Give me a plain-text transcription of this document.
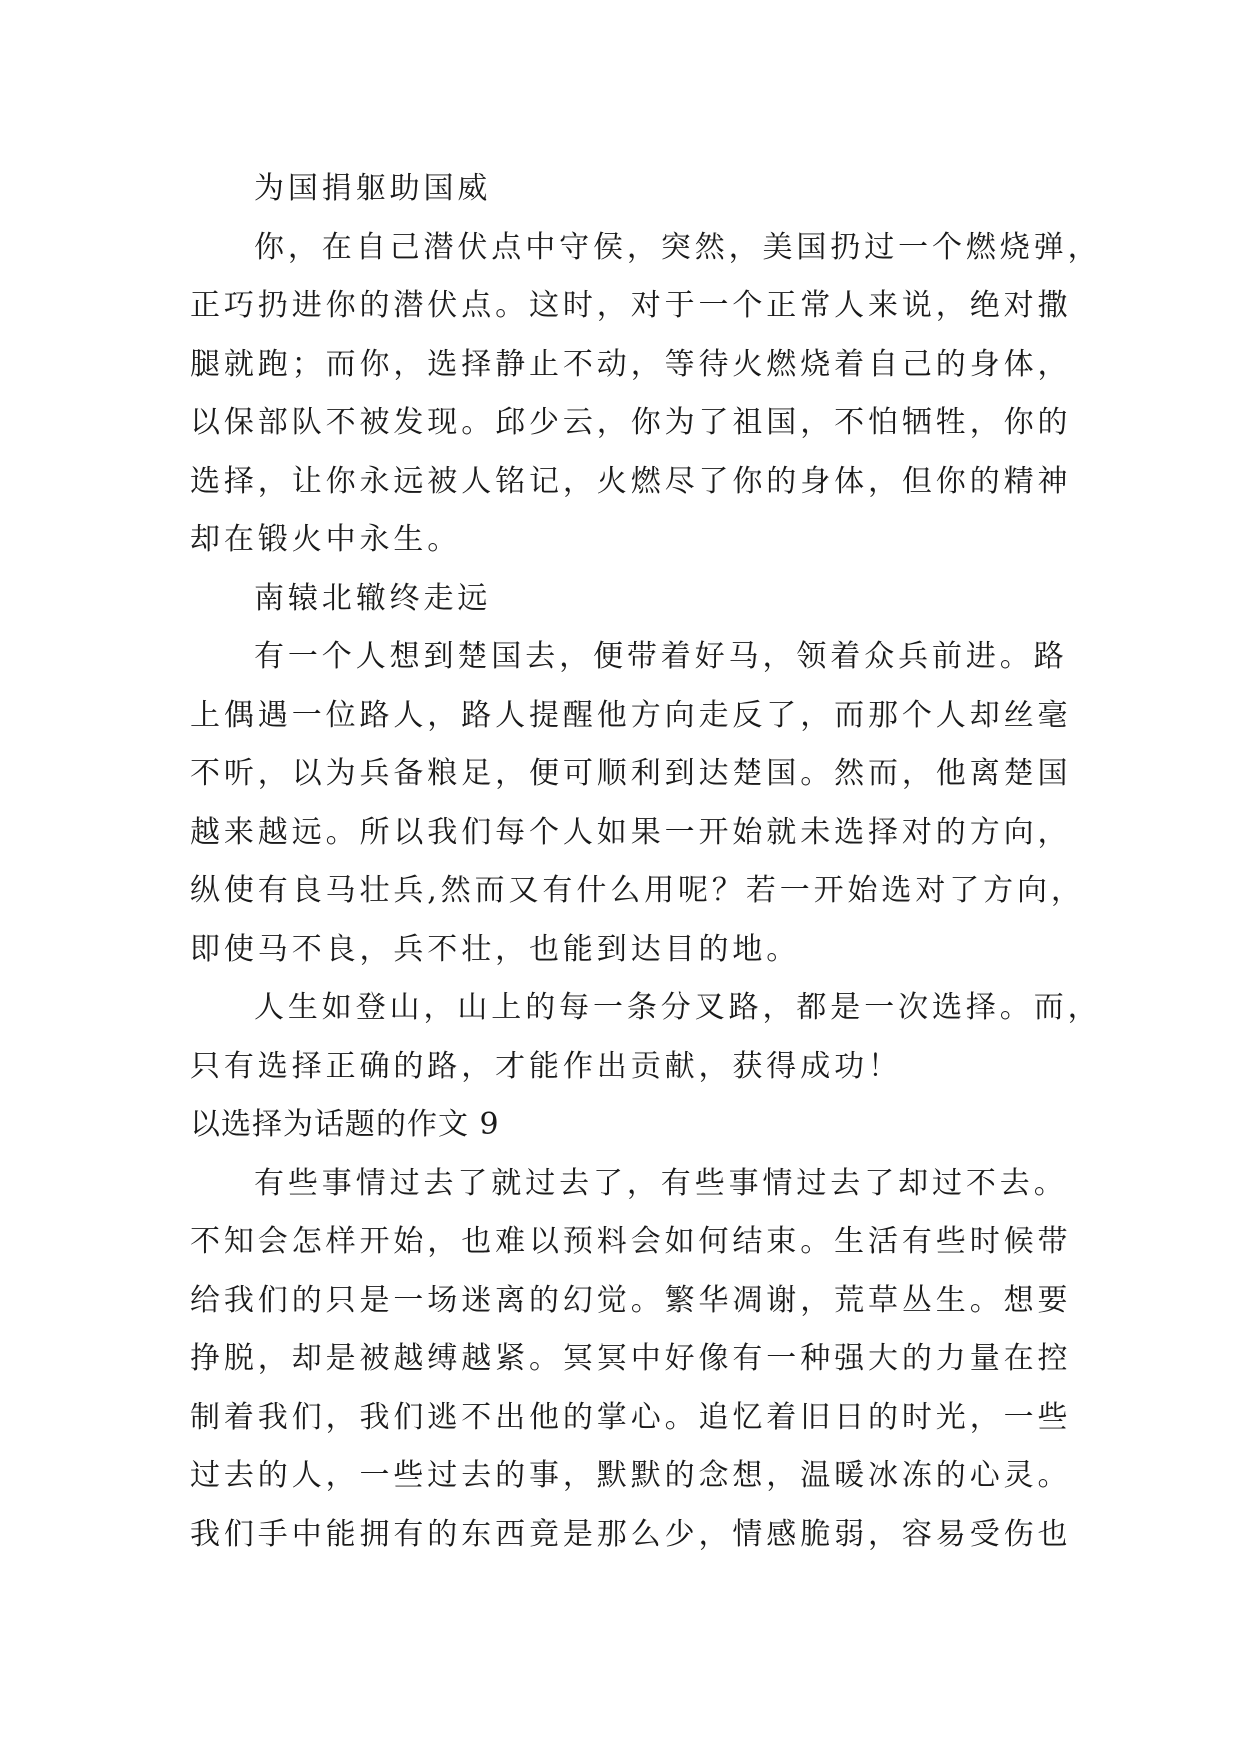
为国捐躯助国威

你，在自己潜伏点中守侯，突然，美国扔过一个燃烧弹，

正巧扔进你的潜伏点。这时，对于一个正常人来说，绝对撒

腿就跑；而你，选择静止不动，等待火燃烧着自己的身体，

以保部队不被发现。邱少云，你为了祖国，不怕牺牲，你的

选择，让你永远被人铭记，火燃尽了你的身体，但你的精神

却在锻火中永生。

南辕北辙终走远

有一个人想到楚国去，便带着好马，领着众兵前进。路

上偶遇一位路人，路人提醒他方向走反了，而那个人却丝毫

不听，以为兵备粮足，便可顺利到达楚国。然而，他离楚国

越来越远。所以我们每个人如果一开始就未选择对的方向，

纵使有良马壮兵,然而又有什么用呢？若一开始选对了方向，

即使马不良，兵不壮，也能到达目的地。

人生如登山，山上的每一条分叉路，都是一次选择。而，

只有选择正确的路，才能作出贡献，获得成功！

以选择为话题的作文 9

有些事情过去了就过去了，有些事情过去了却过不去。

不知会怎样开始，也难以预料会如何结束。生活有些时候带

给我们的只是一场迷离的幻觉。繁华凋谢，荒草丛生。想要

挣脱，却是被越缚越紧。冥冥中好像有一种强大的力量在控

制着我们，我们逃不出他的掌心。追忆着旧日的时光，一些

过去的人，一些过去的事，默默的念想，温暖冰冻的心灵。

我们手中能拥有的东西竟是那么少，情感脆弱，容易受伤也
